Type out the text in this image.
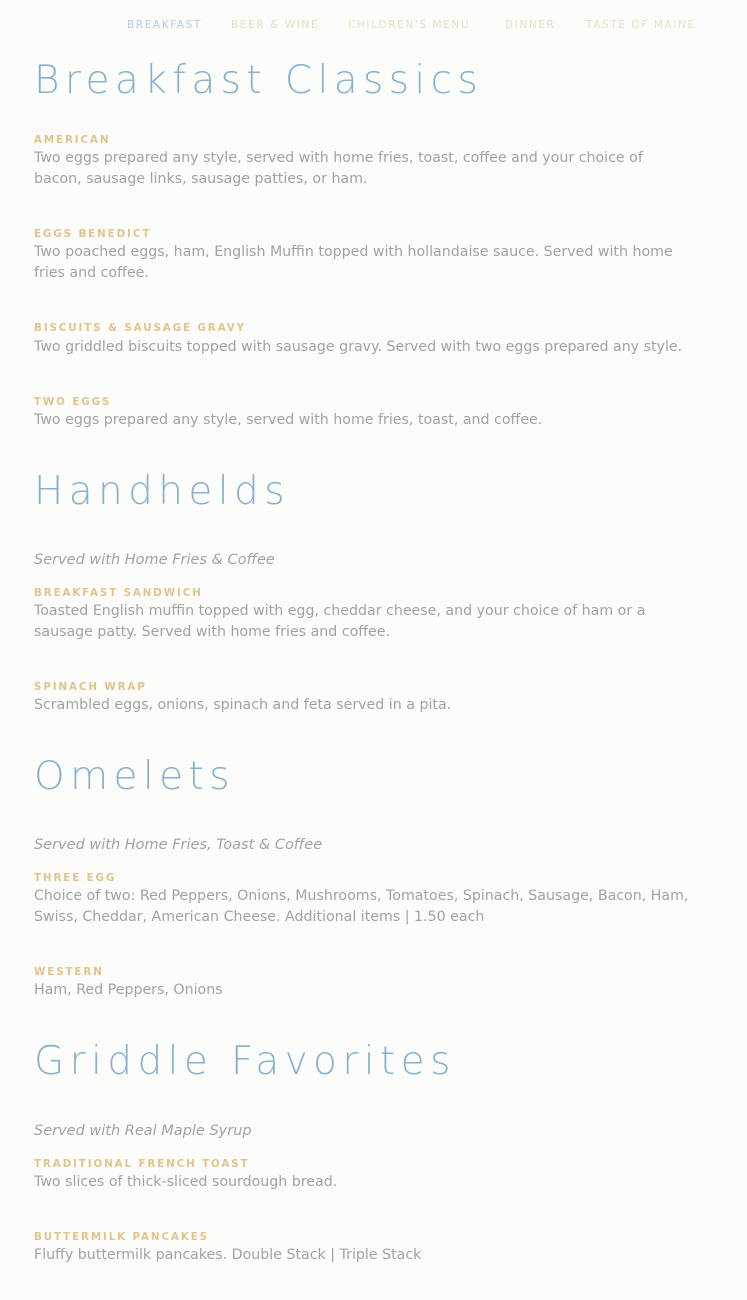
BREAKFAST	BEER & WINE	CHILDREN'S MENU	DINNER	TASTE OF MAINE
Breakfast Classics
AMERICAN

Two eggs prepared any style, served with home fries, toast, coffee and your choice of bacon, sausage links, sausage patties, or ham.

EGGS BENEDICT

Two poached eggs, ham, English Muffin topped with hollandaise sauce. Served with home fries and coffee.

BISCUITS & SAUSAGE GRAVY

Two griddled biscuits topped with sausage gravy. Served with two eggs prepared any style.

TWO EGGS

Two eggs prepared any style, served with home fries, toast, and coffee.

Handhelds

Served with Home Fries & Coffee

BREAKFAST SANDWICH

Toasted English muffin topped with egg, cheddar cheese, and your choice of ham or a sausage patty. Served with home fries and coffee.

SPINACH WRAP

Scrambled eggs, onions, spinach and feta served in a pita.

Omelets

Served with Home Fries, Toast & Coffee

THREE EGG

Choice of two: Red Peppers, Onions, Mushrooms, Tomatoes, Spinach, Sausage, Bacon, Ham, Swiss, Cheddar, American Cheese. Additional items | 1.50 each

WESTERN

Ham, Red Peppers, Onions

Griddle Favorites

Served with Real Maple Syrup

TRADITIONAL FRENCH TOAST

Two slices of thick-sliced sourdough bread.

BUTTERMILK PANCAKES

Fluffy buttermilk pancakes. Double Stack | Triple Stack
